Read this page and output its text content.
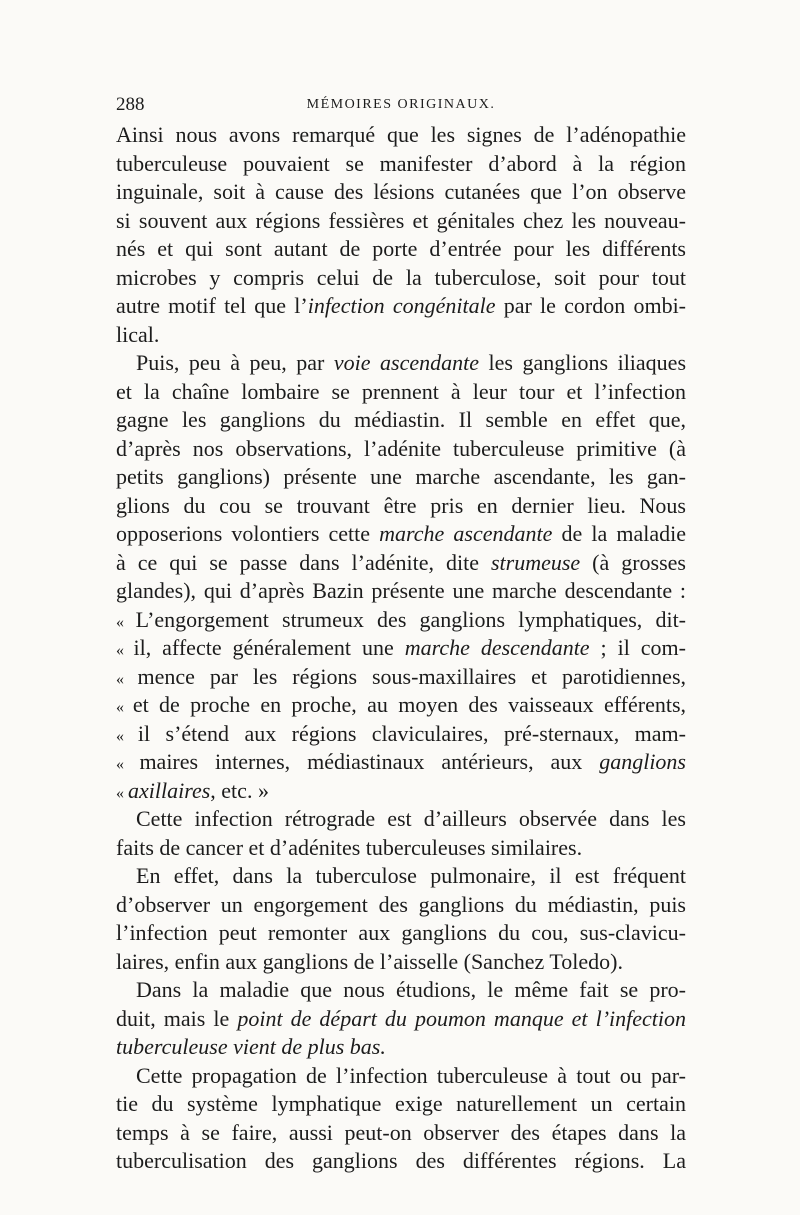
288	MÉMOIRES ORIGINAUX.
Ainsi nous avons remarqué que les signes de l’adénopathie
tuberculeuse pouvaient se manifester d’abord à la région
inguinale, soit à cause des lésions cutanées que l’on observe
si souvent aux régions fessières et génitales chez les nouveau-
nés et qui sont autant de porte d’entrée pour les différents
microbes y compris celui de la tuberculose, soit pour tout
autre motif tel que l’infection congénitale par le cordon ombi-
lical.
Puis, peu à peu, par voie ascendante les ganglions iliaques
et la chaîne lombaire se prennent à leur tour et l’infection
gagne les ganglions du médiastin. Il semble en effet que,
d’après nos observations, l’adénite tuberculeuse primitive (à
petits ganglions) présente une marche ascendante, les gan-
glions du cou se trouvant être pris en dernier lieu. Nous
opposerions volontiers cette marche ascendante de la maladie
à ce qui se passe dans l’adénite, dite strumeuse (à grosses
glandes), qui d’après Bazin présente une marche descendante :
« L’engorgement strumeux des ganglions lymphatiques, dit-
« il, affecte généralement une marche descendante ; il com-
« mence par les régions sous-maxillaires et parotidiennes,
« et de proche en proche, au moyen des vaisseaux efférents,
« il s’étend aux régions claviculaires, pré-sternaux, mam-
« maires internes, médiastinaux antérieurs, aux ganglions
« axillaires, etc. »
Cette infection rétrograde est d’ailleurs observée dans les
faits de cancer et d’adénites tuberculeuses similaires.
En effet, dans la tuberculose pulmonaire, il est fréquent
d’observer un engorgement des ganglions du médiastin, puis
l’infection peut remonter aux ganglions du cou, sus-clavicu-
laires, enfin aux ganglions de l’aisselle (Sanchez Toledo).
Dans la maladie que nous étudions, le même fait se pro-
duit, mais le point de départ du poumon manque et l’infection
tuberculeuse vient de plus bas.
Cette propagation de l’infection tuberculeuse à tout ou par-
tie du système lymphatique exige naturellement un certain
temps à se faire, aussi peut-on observer des étapes dans la
tuberculisation des ganglions des différentes régions. La
